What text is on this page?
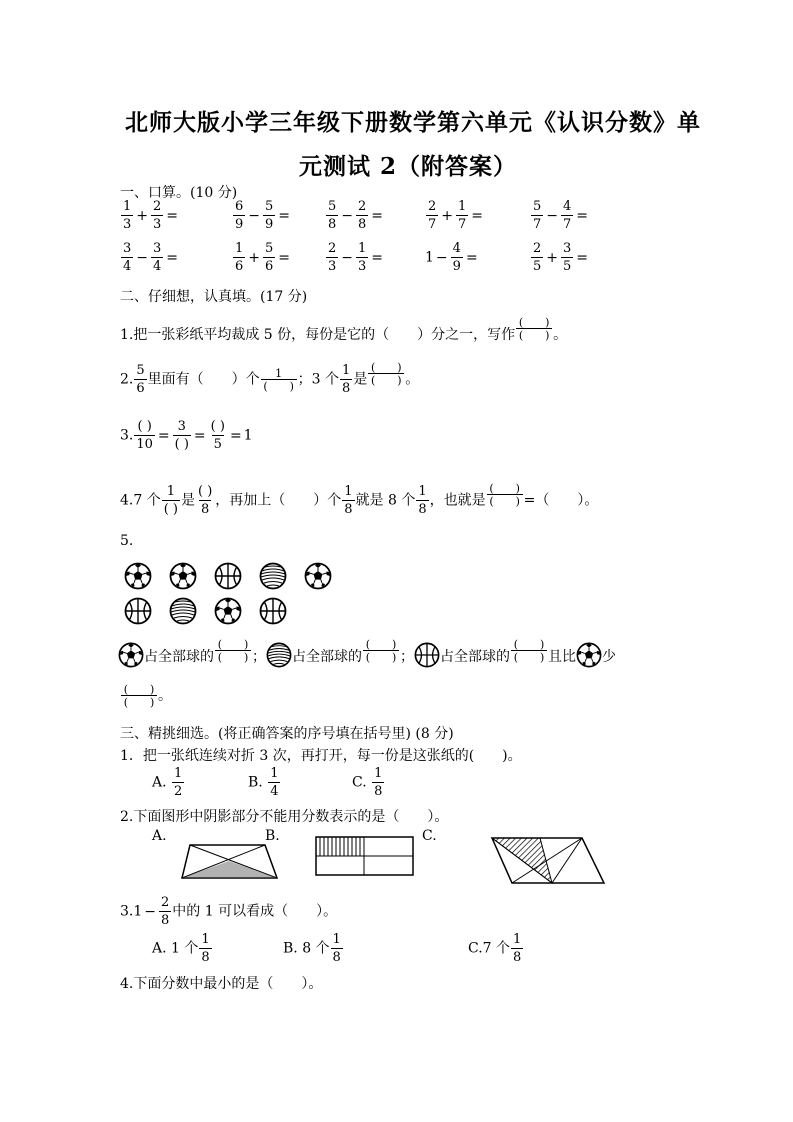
北师大版小学三年级下册数学第六单元《认识分数》单
元测试 2（附答案）
一、口算。(10 分)
$\frac{1}{3} + \frac{2}{3}$ =	$\frac{6}{9} - \frac{5}{9}$ =	$\frac{5}{8} - \frac{2}{8}$ =	$\frac{2}{7} + \frac{1}{7}$ =	$\frac{5}{7} - \frac{4}{7}$ =
$\frac{3}{4} - \frac{3}{4}$ =	$\frac{1}{6} + \frac{5}{6}$ =	$\frac{2}{3} - \frac{1}{3}$ =	$1 - \frac{4}{9}$ =	$\frac{2}{5} + \frac{3}{5}$ =
二、仔细想，认真填。(17 分)
1.把一张彩纸平均裁成 5 份，每份是它的（　　）分之一，写作 $\frac{( )}{( )}$ 。
2. $\frac{5}{6}$ 里面有（　　）个 $\frac{1}{( )}$ ；3 个 $\frac{1}{8}$ 是 $\frac{( )}{( )}$ 。
3. $\frac{( )}{10} = \frac{3}{( )} = \frac{( )}{5} = 1$
4.7 个 $\frac{1}{( )}$ 是 $\frac{( )}{8}$ ，再加上（　　）个 $\frac{1}{8}$ 就是 8 个 $\frac{1}{8}$ ，也就是 $\frac{( )}{( )}$ =（　　）。
5.

占全部球的 $\frac{( )}{( )}$ ； 占全部球的 $\frac{( )}{( )}$ ； 占全部球的 $\frac{( )}{( )}$ 且比 少
$\frac{( )}{( )}$ 。
三、精挑细选。(将正确答案的序号填在括号里) (8 分)
1．把一张纸连续对折 3 次，再打开，每一份是这张纸的(　　)。
A. $\frac{1}{2}$	B. $\frac{1}{4}$	C. $\frac{1}{8}$
2.下面图形中阴影部分不能用分数表示的是（　　）。
A.	B.	C.
$3.1 - \frac{2}{8}$ 中的 1 可以看成（　　）。
A. 1 个 $\frac{1}{8}$	B. 8 个 $\frac{1}{8}$	C.7 个 $\frac{1}{8}$
4.下面分数中最小的是（　　）。
